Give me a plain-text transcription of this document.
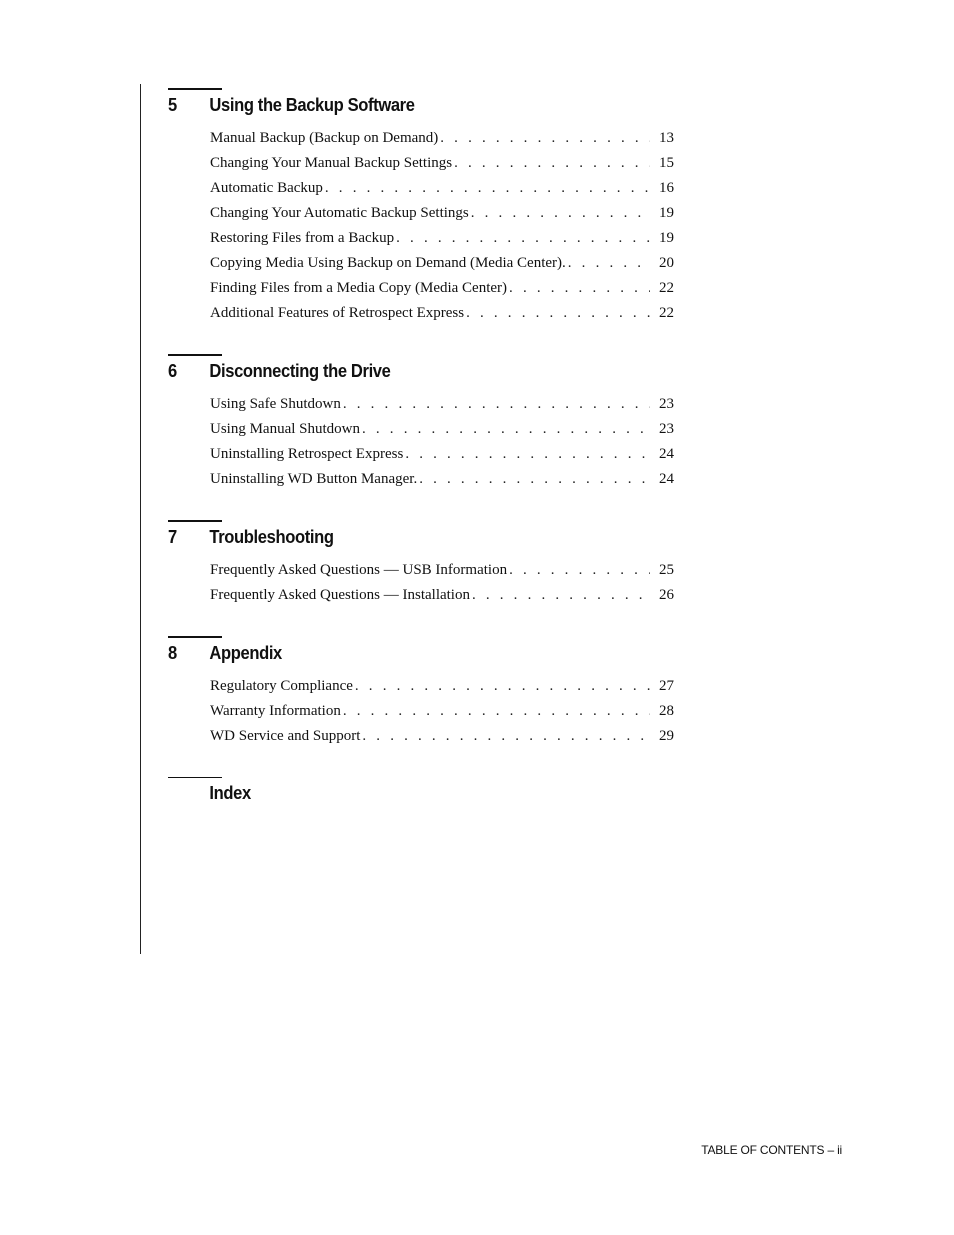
5	Using the Backup Software
Manual Backup (Backup on Demand) . . .	13
Changing Your Manual Backup Settings . . .	15
Automatic Backup . . .	16
Changing Your Automatic Backup Settings . . .	19
Restoring Files from a Backup . . .	19
Copying Media Using Backup on Demand (Media Center). . . .	20
Finding Files from a Media Copy (Media Center) . . .	22
Additional Features of Retrospect Express . . .	22
6	Disconnecting the Drive
Using Safe Shutdown . . .	23
Using Manual Shutdown . . .	23
Uninstalling Retrospect Express . . .	24
Uninstalling WD Button Manager. . . .	24
7	Troubleshooting
Frequently Asked Questions — USB Information . . .	25
Frequently Asked Questions — Installation . . .	26
8	Appendix
Regulatory Compliance . . .	27
Warranty Information . . .	28
WD Service and Support . . .	29
Index
TABLE OF CONTENTS – ii
